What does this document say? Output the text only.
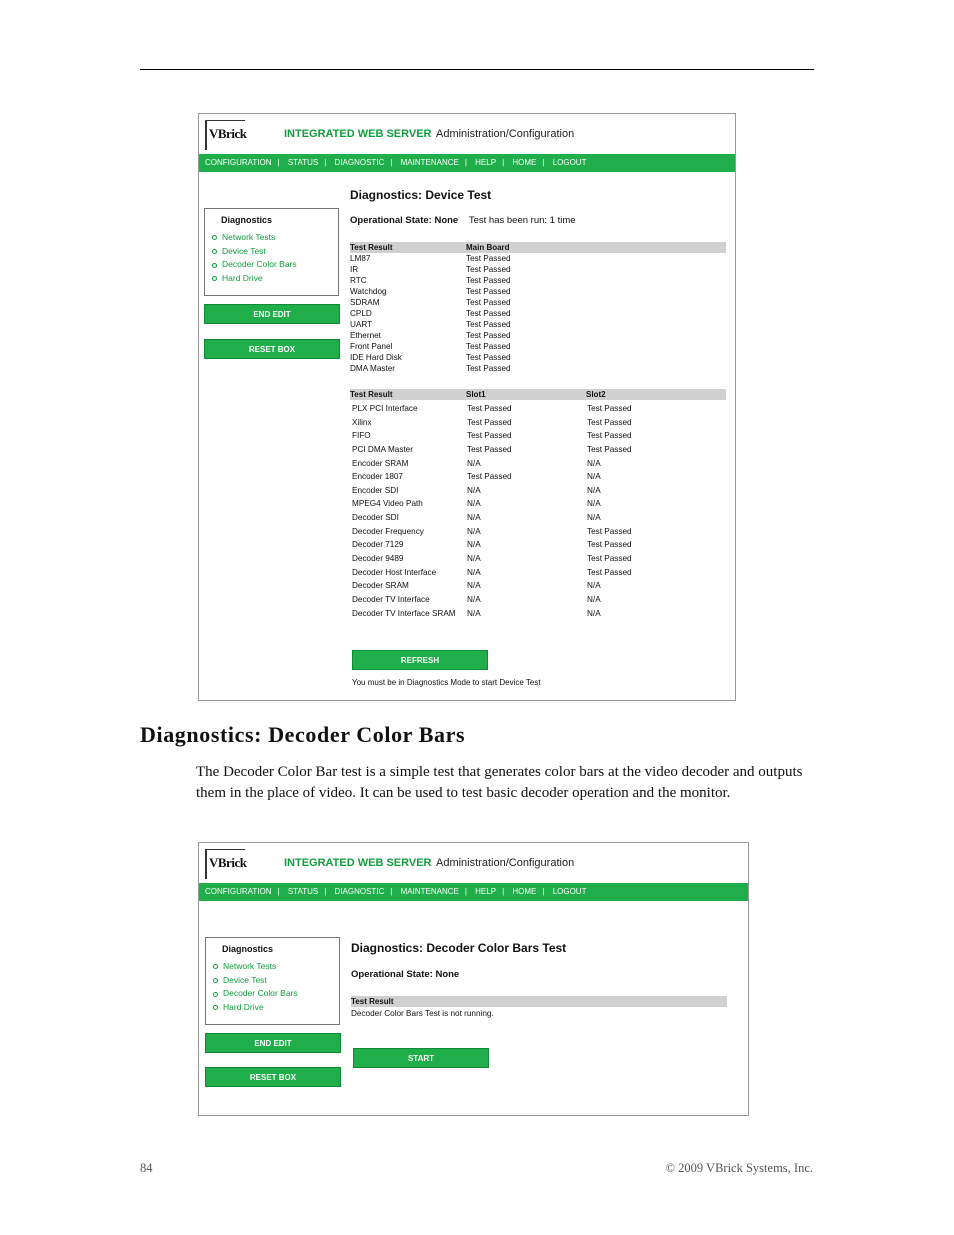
VBrick	INTEGRATED WEB SERVER Administration/Configuration
CONFIGURATION | STATUS | DIAGNOSTIC | MAINTENANCE | HELP | HOME | LOGOUT
Diagnostics
Network Tests
Device Test
Decoder Color Bars
Hard Drive
END EDIT
RESET BOX
Diagnostics: Device Test
Operational State: None Test has been run: 1 time
Test Result	Main Board
LM87	Test Passed
IR	Test Passed
RTC	Test Passed
Watchdog	Test Passed
SDRAM	Test Passed
CPLD	Test Passed
UART	Test Passed
Ethernet	Test Passed
Front Panel	Test Passed
IDE Hard Disk	Test Passed
DMA Master	Test Passed
Test Result	Slot1	Slot2
PLX PCI Interface	Test Passed	Test Passed
Xilinx	Test Passed	Test Passed
FIFO	Test Passed	Test Passed
PCI DMA Master	Test Passed	Test Passed
Encoder SRAM	N/A	N/A
Encoder 1807	Test Passed	N/A
Encoder SDI	N/A	N/A
MPEG4 Video Path	N/A	N/A
Decoder SDI	N/A	N/A
Decoder Frequency	N/A	Test Passed
Decoder 7129	N/A	Test Passed
Decoder 9489	N/A	Test Passed
Decoder Host Interface	N/A	Test Passed
Decoder SRAM	N/A	N/A
Decoder TV Interface	N/A	N/A
Decoder TV Interface SRAM N/A	N/A
REFRESH
You must be in Diagnostics Mode to start Device Test
Diagnostics: Decoder Color Bars

The Decoder Color Bar test is a simple test that generates color bars at the video decoder and outputs them in the place of video. It can be used to test basic decoder operation and the monitor.

VBrick	INTEGRATED WEB SERVER Administration/Configuration
CONFIGURATION | STATUS | DIAGNOSTIC | MAINTENANCE | HELP | HOME | LOGOUT
Diagnostics
Network Tests
Device Test
Decoder Color Bars
Hard Drive
END EDIT
RESET BOX
Diagnostics: Decoder Color Bars Test
Operational State: None
Test Result
Decoder Color Bars Test is not running.
START
84	© 2009 VBrick Systems, Inc.
